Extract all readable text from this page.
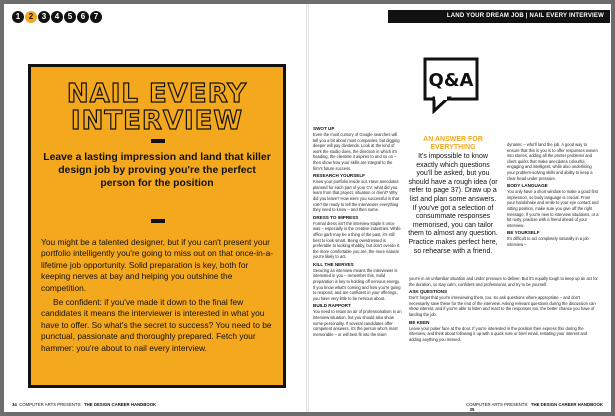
1	2	3	4	5	6	7	LAND YOUR DREAM JOB | NAIL EVERY INTERVIEW
NAIL EVERY
INTERVIEW
Leave a lasting impression and land that killer design job by proving you're the perfect person for the position

You might be a talented designer, but if you can't present your portfolio intelligently you're going to miss out on that once-in-a-lifetime job opportunity. Solid preparation is key, both for keeping nerves at bay and helping you outshine the competition.

Be confident: if you've made it down to the final few candidates it means the interviewer is interested in what you have to offer. So what's the secret to success? You need to be punctual, passionate and thoroughly prepared. Fetch your hammer: you're about to nail every interview.

SWOT UP

Even the most cursory of Google searches will tell you a bit about most companies, but digging deeper will pay dividends. Look at the kind of work the studio does, the direction in which it's heading, the clientele it aspires to and so on – then show how your skills are integral to the firm's future success.

RESEARCH YOURSELF

Know your portfolio inside out. Have anecdotes planned for each part of your CV: what did you learn from that project, situation or client? Why did you leave? How were you successful in that role? Be ready to tell the interviewer everything they need to know – and then some.

DRESS TO IMPRESS

Formal dress isn't the interview staple it once was – especially in the creative industries. While office garb may be a thing of the past, it's still best to look smart. Being overdressed is preferable to looking shabby, but don't overdo it: the more comfortable you are, the more natural you're likely to act.

KILL THE NERVES

Securing an interview means the interviewer is interested in you – remember this. Solid preparation is key to holding off nervous energy. If you know what's coming and how you're going to respond, and are confident in your offerings, you have very little to be nervous about.

BUILD RAPPORT

You need to retain an air of professionalism in an interview situation, but you should also show some personality. If several candidates offer competent answers, it's the person who's most memorable – or will best fit into the team

Q&A
AN ANSWER FOR EVERYTHING
It's impossible to know exactly which questions you'll be asked, but you should have a rough idea (or refer to page 37). Draw up a list and plan some answers. If you've got a selection of consummate responses memorised, you can tailor them to almost any question. Practice makes perfect here, so rehearse with a friend.

dynamic – who'll land the job. A good way to ensure that this is you is to offer responses woven into stories, adding all the printer problems and client quirks that make anecdotes colourful, engaging and intelligent, while also underlining your problem-solving skills and ability to keep a clear head under pressure.

BODY LANGUAGE

You only have a short window to make a good first impression, so body language is crucial. From your handshake and smile to your eye contact and sitting position, make sure you give off the right message. If you're new to interview situations, or a bit rusty, practise with a friend ahead of your interview.

BE YOURSELF

It's difficult to act completely naturally in a job interview –

you're in an unfamiliar situation and under pressure to deliver. But it's equally tough to keep up an act for the duration, so stay calm, confident and professional, and try to be yourself.

ASK QUESTIONS

Don't forget that you're interviewing them, too. So ask questions where appropriate – and don't necessarily save these for the end of the interview. Asking relevant questions during the discussion can show interest, and if you're able to listen and react to the responses too, the better chance you have of landing the job.

BE KEEN

Leave your poker face at the door. If you're interested in the position then express this during the interview, and think about following it up with a quick note or brief email, restating your interest and adding anything you missed.

34 COMPUTER ARTS PRESENTS: THE DESIGN CAREER HANDBOOK	COMPUTER ARTS PRESENTS: THE DESIGN CAREER HANDBOOK    35
